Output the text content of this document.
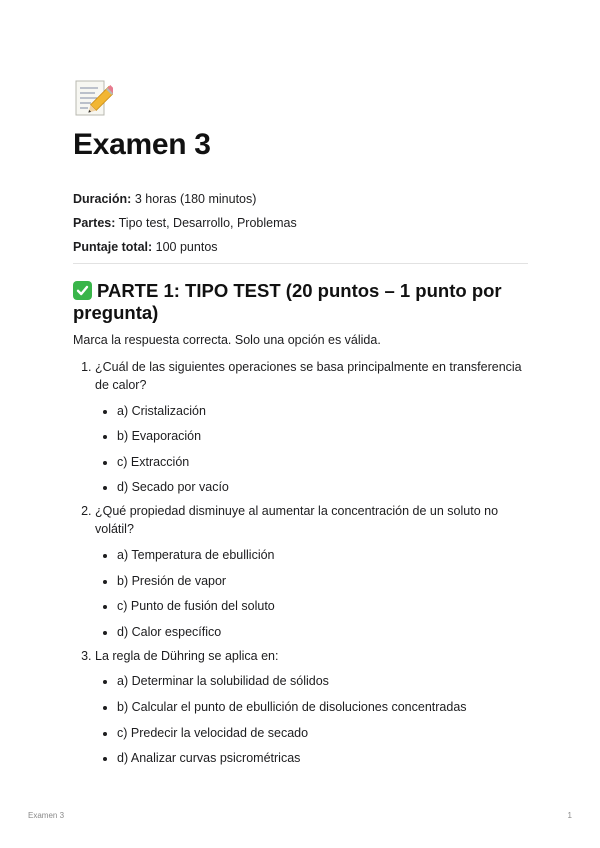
Examen 3
Duración: 3 horas (180 minutos)
Partes: Tipo test, Desarrollo, Problemas
Puntaje total: 100 puntos
PARTE 1: TIPO TEST (20 puntos – 1 punto por pregunta)
Marca la respuesta correcta. Solo una opción es válida.
1. ¿Cuál de las siguientes operaciones se basa principalmente en transferencia de calor?
• a) Cristalización
• b) Evaporación
• c) Extracción
• d) Secado por vacío
2. ¿Qué propiedad disminuye al aumentar la concentración de un soluto no volátil?
• a) Temperatura de ebullición
• b) Presión de vapor
• c) Punto de fusión del soluto
• d) Calor específico
3. La regla de Dühring se aplica en:
• a) Determinar la solubilidad de sólidos
• b) Calcular el punto de ebullición de disoluciones concentradas
• c) Predecir la velocidad de secado
• d) Analizar curvas psicrométricas
Examen 3	1
